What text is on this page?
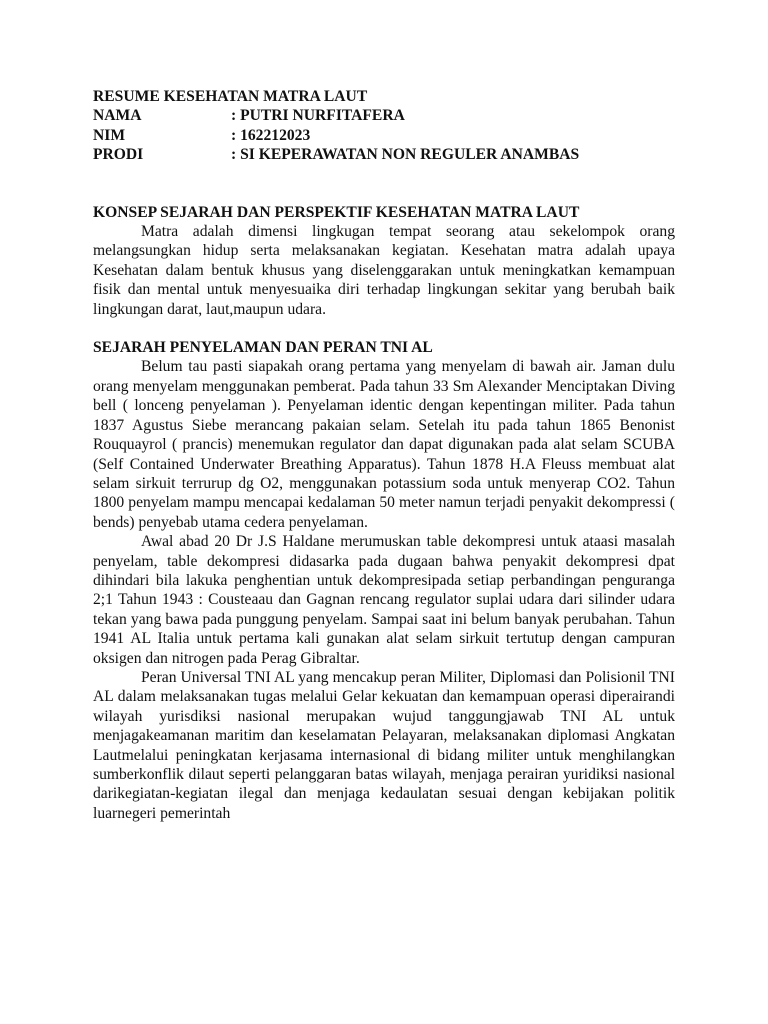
RESUME KESEHATAN MATRA LAUT
NAMA	: PUTRI NURFITAFERA
NIM	: 162212023
PRODI	: SI KEPERAWATAN NON REGULER ANAMBAS
KONSEP SEJARAH DAN PERSPEKTIF KESEHATAN MATRA LAUT

Matra adalah dimensi lingkugan tempat seorang atau sekelompok orang melangsungkan hidup serta melaksanakan kegiatan. Kesehatan matra adalah upaya Kesehatan dalam bentuk khusus yang diselenggarakan untuk meningkatkan kemampuan fisik dan mental untuk menyesuaika diri terhadap lingkungan sekitar yang berubah baik lingkungan darat, laut,maupun udara.

SEJARAH PENYELAMAN DAN PERAN TNI AL

Belum tau pasti siapakah orang pertama yang menyelam di bawah air. Jaman dulu orang menyelam menggunakan pemberat. Pada tahun 33 Sm Alexander Menciptakan Diving bell ( lonceng penyelaman ). Penyelaman identic dengan kepentingan militer. Pada tahun 1837 Agustus Siebe merancang pakaian selam. Setelah itu pada tahun 1865 Benonist Rouquayrol ( prancis) menemukan regulator dan dapat digunakan pada alat selam SCUBA (Self Contained Underwater Breathing Apparatus). Tahun 1878 H.A Fleuss membuat alat selam sirkuit terrurup dg O2, menggunakan potassium soda untuk menyerap CO2. Tahun 1800 penyelam mampu mencapai kedalaman 50 meter namun terjadi penyakit dekompressi ( bends) penyebab utama cedera penyelaman.

Awal abad 20 Dr J.S Haldane merumuskan table dekompresi untuk ataasi masalah penyelam, table dekompresi didasarka pada dugaan bahwa penyakit dekompresi dpat dihindari bila lakuka penghentian untuk dekompresipada setiap perbandingan penguranga 2;1 Tahun 1943 : Cousteaau dan Gagnan rencang regulator suplai udara dari silinder udara tekan yang bawa pada punggung penyelam. Sampai saat ini belum banyak perubahan. Tahun 1941 AL Italia untuk pertama kali gunakan alat selam sirkuit tertutup dengan campuran oksigen dan nitrogen pada Perag Gibraltar.

Peran Universal TNI AL yang mencakup peran Militer, Diplomasi dan Polisionil TNI AL dalam melaksanakan tugas melalui Gelar kekuatan dan kemampuan operasi diperairandi wilayah yurisdiksi nasional merupakan wujud tanggungjawab TNI AL untuk menjagakeamanan maritim dan keselamatan Pelayaran, melaksanakan diplomasi Angkatan Lautmelalui peningkatan kerjasama internasional di bidang militer untuk menghilangkan sumberkonflik dilaut seperti pelanggaran batas wilayah, menjaga perairan yuridiksi nasional darikegiatan-kegiatan ilegal dan menjaga kedaulatan sesuai dengan kebijakan politik luarnegeri pemerintah
